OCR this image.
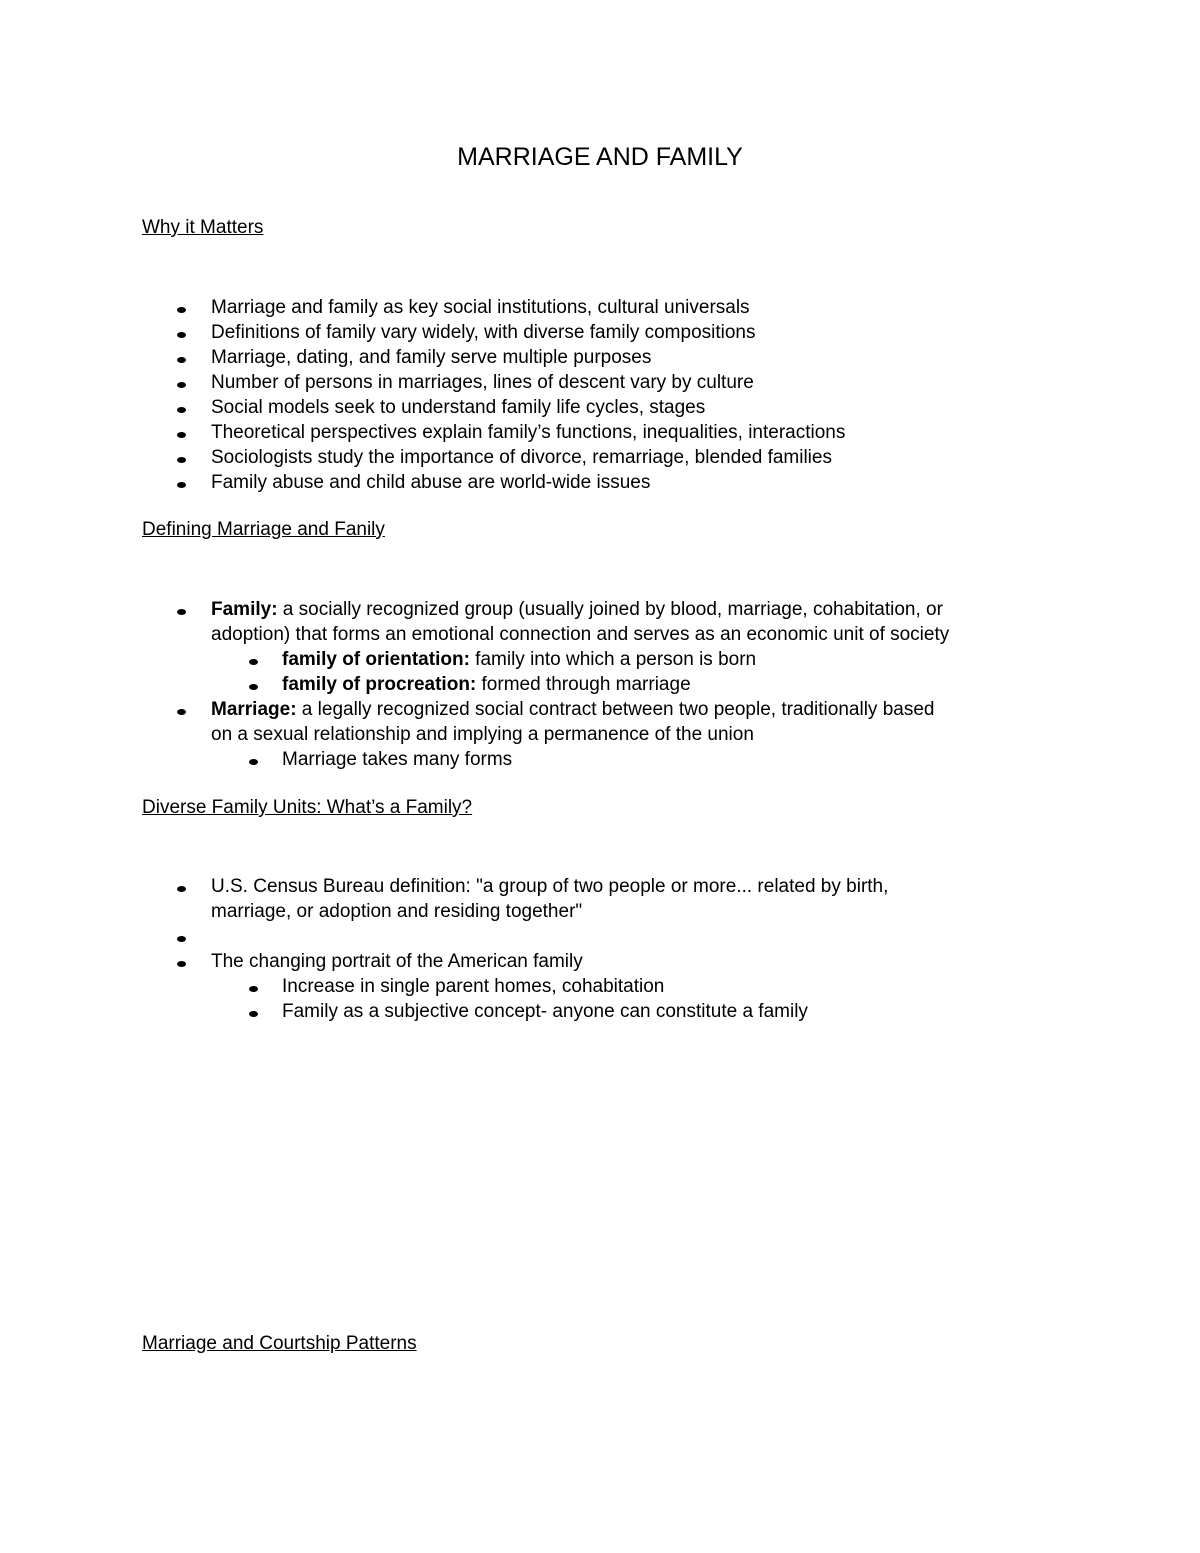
MARRIAGE AND FAMILY
Why it Matters
Marriage and family as key social institutions, cultural universals
Definitions of family vary widely, with diverse family compositions
Marriage, dating, and family serve multiple purposes
Number of persons in marriages, lines of descent vary by culture
Social models seek to understand family life cycles, stages
Theoretical perspectives explain family’s functions, inequalities, interactions
Sociologists study the importance of divorce, remarriage, blended families
Family abuse and child abuse are world-wide issues
Defining Marriage and Fanily
Family: a socially recognized group (usually joined by blood, marriage, cohabitation, or
adoption) that forms an emotional connection and serves as an economic unit of society
family of orientation: family into which a person is born
family of procreation: formed through marriage
Marriage: a legally recognized social contract between two people, traditionally based
on a sexual relationship and implying a permanence of the union
Marriage takes many forms
Diverse Family Units: What’s a Family?
U.S. Census Bureau definition: "a group of two people or more... related by birth,
marriage, or adoption and residing together"
The changing portrait of the American family
Increase in single parent homes, cohabitation
Family as a subjective concept- anyone can constitute a family
Marriage and Courtship Patterns
